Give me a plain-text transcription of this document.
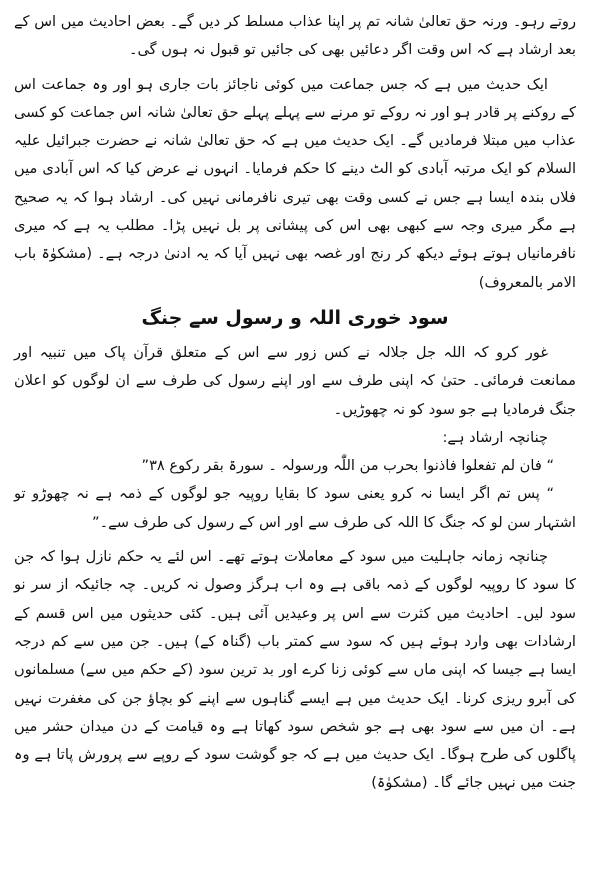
روتے رہو۔ ورنہ حق تعالیٰ شانہ تم پر اپنا عذاب مسلط کر دیں گے۔ بعض احادیث میں اس کے بعد ارشاد ہے کہ اس وقت اگر دعائیں بھی کی جائیں تو قبول نہ ہوں گی۔

ایک حدیث میں ہے کہ جس جماعت میں کوئی ناجائز بات جاری ہو اور وہ جماعت اس کے روکنے پر قادر ہو اور نہ روکے تو مرنے سے پہلے پہلے حق تعالیٰ شانہ اس جماعت کو کسی عذاب میں مبتلا فرمادیں گے۔ ایک حدیث میں ہے کہ حق تعالیٰ شانہ نے حضرت جبرائیل علیہ السلام کو ایک مرتبہ آبادی کو الٹ دینے کا حکم فرمایا۔ انہوں نے عرض کیا کہ اس آبادی میں فلاں بندہ ایسا ہے جس نے کسی وقت بھی تیری نافرمانی نہیں کی۔ ارشاد ہوا کہ یہ صحیح ہے مگر میری وجہ سے کبھی بھی اس کی پیشانی پر بل نہیں پڑا۔ مطلب یہ ہے کہ میری نافرمانیاں ہوتے ہوئے دیکھ کر رنج اور غصہ بھی نہیں آیا کہ یہ ادنیٰ درجہ ہے۔ (مشکوٰۃ باب الامر بالمعروف)

سود خوری اللہ و رسول سے جنگ

غور کرو کہ اللہ جل جلالہ نے کس زور سے اس کے متعلق قرآن پاک میں تنبیہ اور ممانعت فرمائی۔ حتیٰ کہ اپنی طرف سے اور اپنے رسول کی طرف سے ان لوگوں کو اعلان جنگ فرمادیا ہے جو سود کو نہ چھوڑیں۔

چنانچہ ارشاد ہے:

“ فان لم تفعلوا فاذنوا بحرب من اللّٰہ ورسولہ ۔ سورۃ بقر رکوع ۳۸”

“ پس تم اگر ایسا نہ کرو یعنی سود کا بقایا روپیہ جو لوگوں کے ذمہ ہے نہ چھوڑو تو اشتہار سن لو کہ جنگ کا اللہ کی طرف سے اور اس کے رسول کی طرف سے۔”

چنانچہ زمانہ جاہلیت میں سود کے معاملات ہوتے تھے۔ اس لئے یہ حکم نازل ہوا کہ جن کا سود کا روپیہ لوگوں کے ذمہ باقی ہے وہ اب ہرگز وصول نہ کریں۔ چہ جائیکہ از سر نو سود لیں۔ احادیث میں کثرت سے اس پر وعیدیں آئی ہیں۔ کئی حدیثوں میں اس قسم کے ارشادات بھی وارد ہوئے ہیں کہ سود سے کمتر باب (گناہ کے) ہیں۔ جن میں سے کم درجہ ایسا ہے جیسا کہ اپنی ماں سے کوئی زنا کرے اور بد ترین سود (کے حکم میں سے) مسلمانوں کی آبرو ریزی کرنا۔ ایک حدیث میں ہے ایسے گناہوں سے اپنے کو بچاؤ جن کی مغفرت نہیں ہے۔ ان میں سے سود بھی ہے جو شخص سود کھاتا ہے وہ قیامت کے دن میدان حشر میں پاگلوں کی طرح ہوگا۔ ایک حدیث میں ہے کہ جو گوشت سود کے روپے سے پرورش پاتا ہے وہ جنت میں نہیں جائے گا۔ (مشکوٰۃ)
